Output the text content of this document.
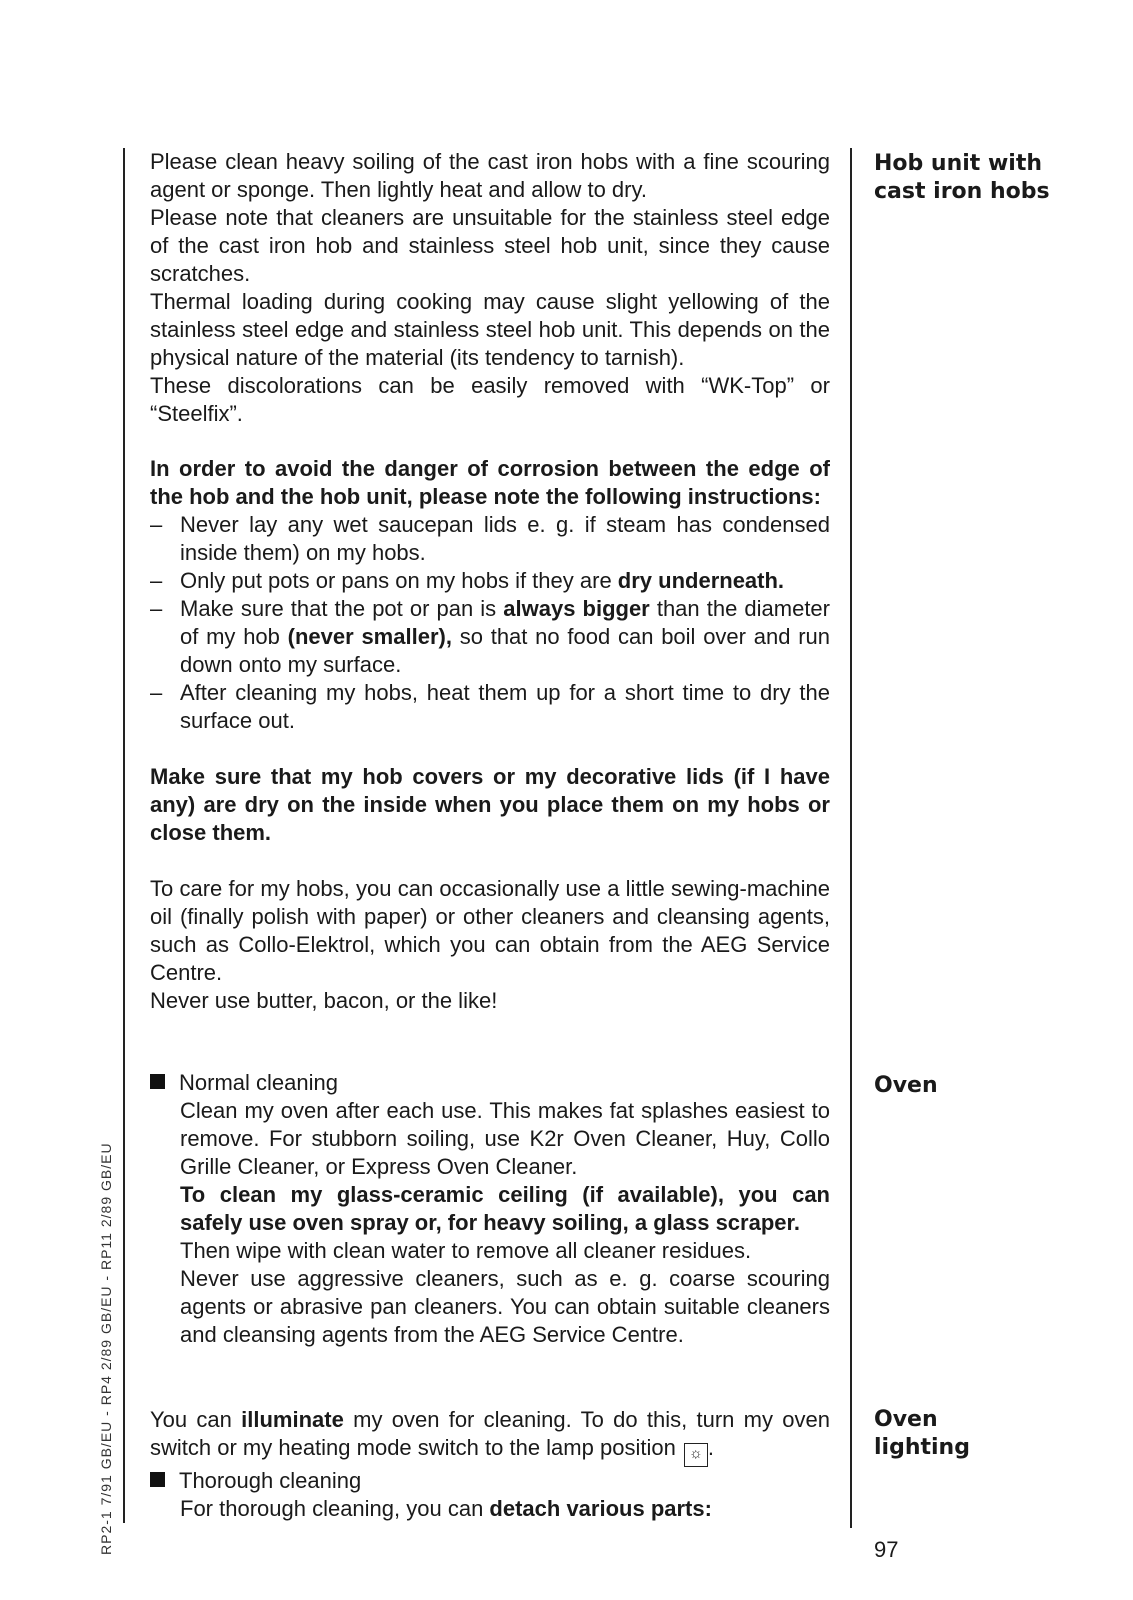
Hob unit with
cast iron hobs
Oven
Oven
lighting
97
RP2-1 7/91 GB/EU - RP4 2/89 GB/EU - RP11 2/89 GB/EU

Please clean heavy soiling of the cast iron hobs with a fine scouring agent or sponge. Then lightly heat and allow to dry.

Please note that cleaners are unsuitable for the stainless steel edge of the cast iron hob and stainless steel hob unit, since they cause scratches.

Thermal loading during cooking may cause slight yellowing of the stainless steel edge and stainless steel hob unit. This depends on the physical nature of the material (its tendency to tarnish).

These discolorations can be easily removed with “WK-Top” or “Steelfix”.

In order to avoid the danger of corrosion between the edge of the hob and the hob unit, please note the following instructions:

– Never lay any wet saucepan lids e. g. if steam has condensed inside them) on my hobs.
– Only put pots or pans on my hobs if they are dry underneath.
– Make sure that the pot or pan is always bigger than the diameter of my hob (never smaller), so that no food can boil over and run down onto my surface.
– After cleaning my hobs, heat them up for a short time to dry the surface out.

Make sure that my hob covers or my decorative lids (if I have any) are dry on the inside when you place them on my hobs or close them.

To care for my hobs, you can occasionally use a little sewing-machine oil (finally polish with paper) or other cleaners and cleansing agents, such as Collo-Elektrol, which you can obtain from the AEG Service Centre.

Never use butter, bacon, or the like!

Normal cleaning

Clean my oven after each use. This makes fat splashes easiest to remove. For stubborn soiling, use K2r Oven Cleaner, Huy, Collo Grille Cleaner, or Express Oven Cleaner.

To clean my glass-ceramic ceiling (if available), you can safely use oven spray or, for heavy soiling, a glass scraper.

Then wipe with clean water to remove all cleaner residues.

Never use aggressive cleaners, such as e. g. coarse scouring agents or abrasive pan cleaners. You can obtain suitable cleaners and cleansing agents from the AEG Service Centre.

You can illuminate my oven for cleaning. To do this, turn my oven switch or my heating mode switch to the lamp position ☼ .

Thorough cleaning

For thorough cleaning, you can detach various parts:
